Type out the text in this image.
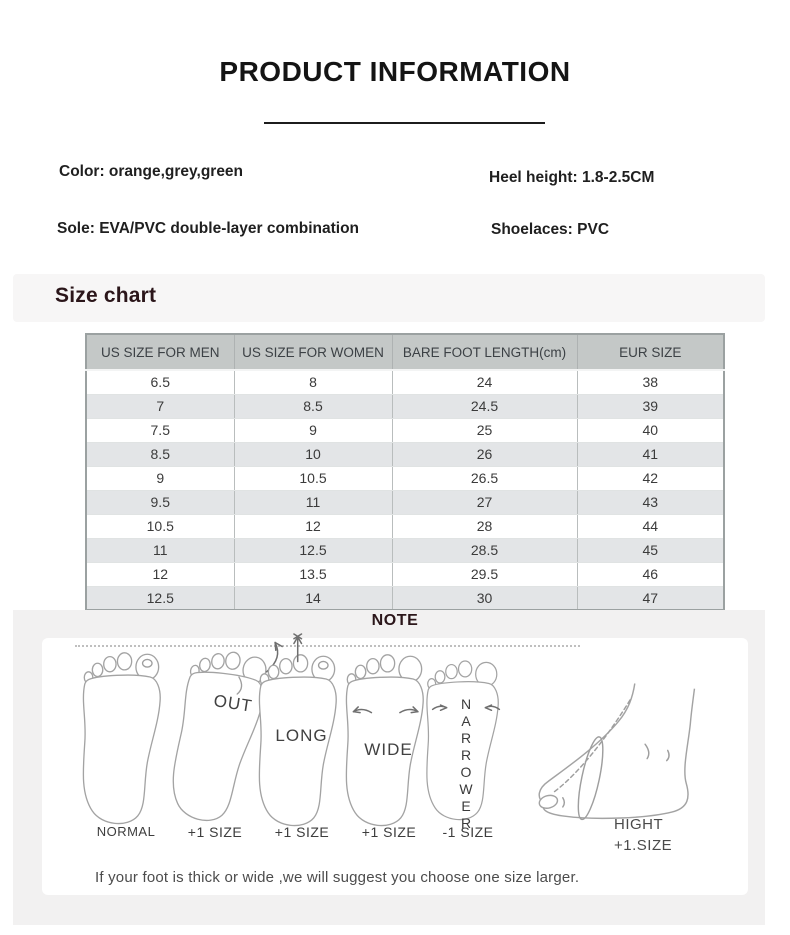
PRODUCT INFORMATION
Color: orange,grey,green	Heel height: 1.8-2.5CM
Sole: EVA/PVC double-layer combination	Shoelaces: PVC
Size chart
US SIZE FOR MEN	US SIZE FOR WOMEN	BARE FOOT LENGTH(cm)	EUR SIZE
6.5	8	24	38
7	8.5	24.5	39
7.5	9	25	40
8.5	10	26	41
9	10.5	26.5	42
9.5	11	27	43
10.5	12	28	44
11	12.5	28.5	45
12	13.5	29.5	46
12.5	14	30	47
NOTE
OUT
LONG
WIDE	NARROWER
NORMAL	+1 SIZE	+1 SIZE	+1 SIZE	-1 SIZE	HIGHT
+1.SIZE
If your foot is thick or wide ,we will suggest you choose one size larger.
